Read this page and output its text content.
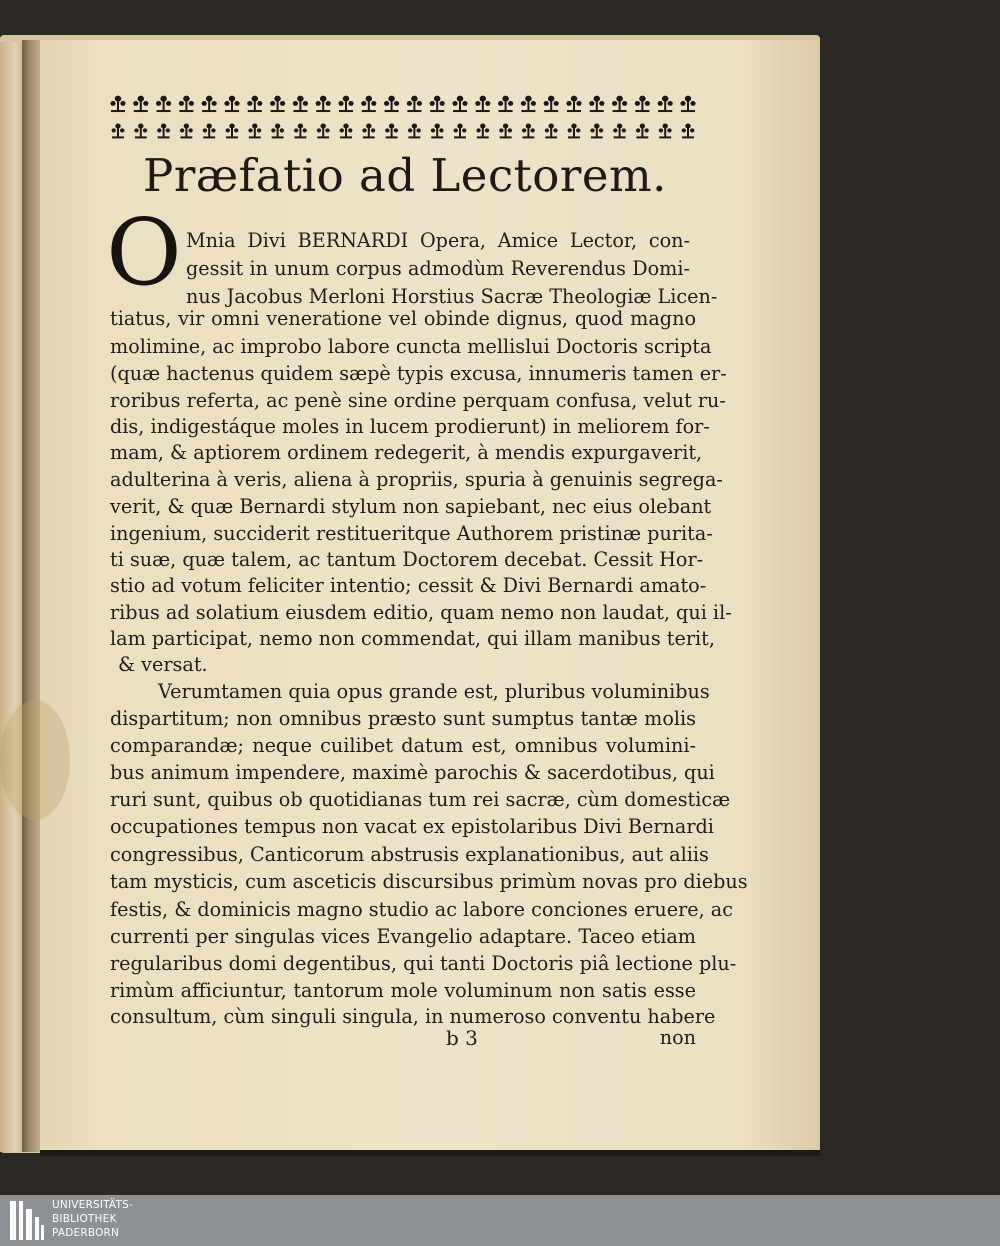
Præfatio ad Lectorem.
O Mnia Divi BERNARDI Opera, Amice Lector, con-

gessit in unum corpus admodùm Reverendus Domi-

nus Jacobus Merloni Horstius Sacræ Theologiæ Licen-

tiatus, vir omni veneratione vel obinde dignus, quod magno

molimine, ac improbo labore cuncta mellislui Doctoris scripta

(quæ hactenus quidem sæpè typis excusa, innumeris tamen er-

roribus referta, ac penè sine ordine perquam confusa, velut ru-

dis, indigestáque moles in lucem prodierunt) in meliorem for-

mam, & aptiorem ordinem redegerit, à mendis expurgaverit,

adulterina à veris, aliena à propriis, spuria à genuinis segrega-

verit, & quæ Bernardi stylum non sapiebant, nec eius olebant

ingenium, succiderit restitueritque Authorem pristinæ purita-

ti suæ, quæ talem, ac tantum Doctorem decebat. Cessit Hor-

stio ad votum feliciter intentio; cessit & Divi Bernardi amato-

ribus ad solatium eiusdem editio, quam nemo non laudat, qui il-

lam participat, nemo non commendat, qui illam manibus terit,

& versat.

Verumtamen quia opus grande est, pluribus voluminibus

dispartitum; non omnibus præsto sunt sumptus tantæ molis

comparandæ; neque cuilibet datum est, omnibus volumini-

bus animum impendere, maximè parochis & sacerdotibus, qui

ruri sunt, quibus ob quotidianas tum rei sacræ, cùm domesticæ

occupationes tempus non vacat ex epistolaribus Divi Bernardi

congressibus, Canticorum abstrusis explanationibus, aut aliis

tam mysticis, cum asceticis discursibus primùm novas pro diebus

festis, & dominicis magno studio ac labore conciones eruere, ac

currenti per singulas vices Evangelio adaptare. Taceo etiam

regularibus domi degentibus, qui tanti Doctoris piâ lectione plu-

rimùm afficiuntur, tantorum mole voluminum non satis esse

consultum, cùm singuli singula, in numeroso conventu habere

b 3	non

UNIVERSITÄTS-
BIBLIOTHEK
PADERBORN
